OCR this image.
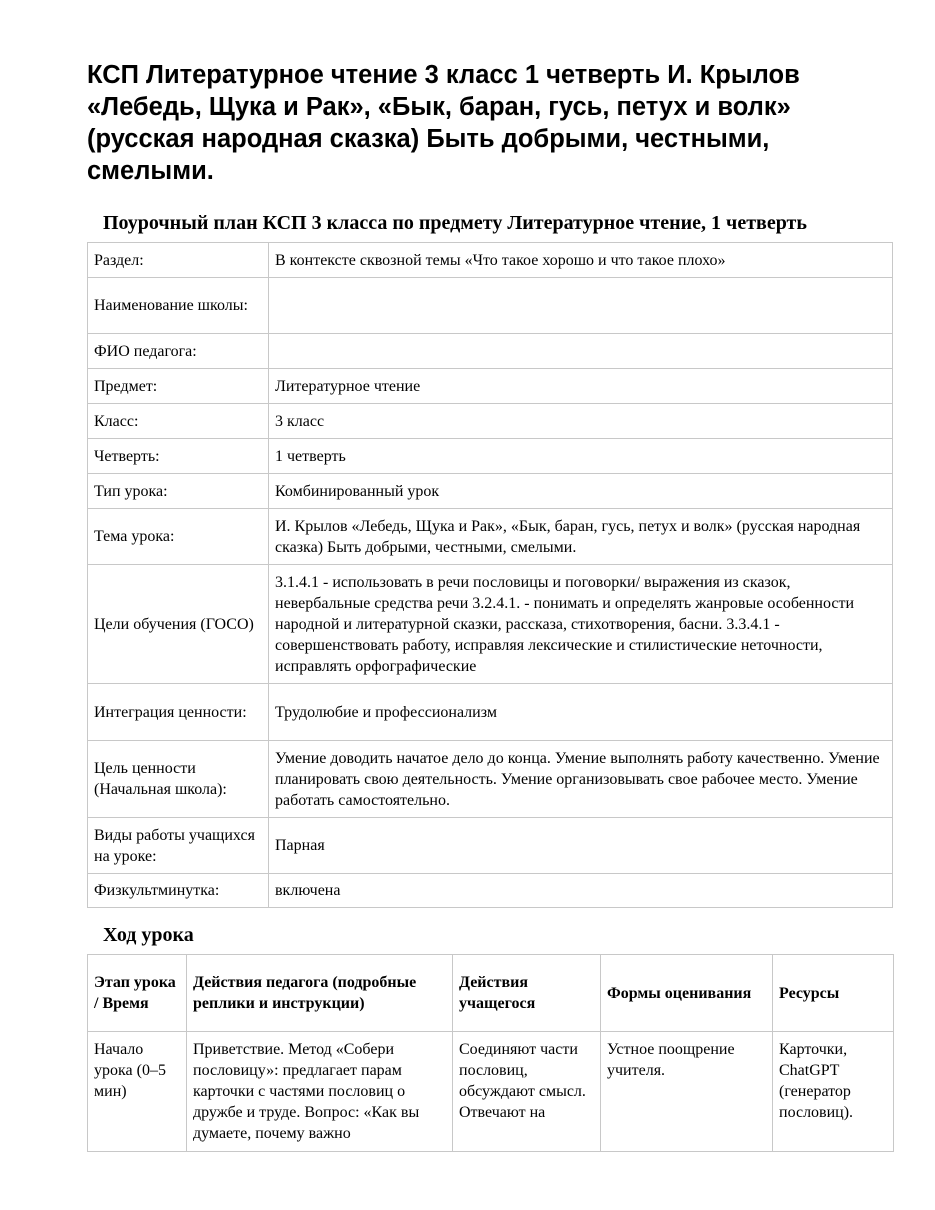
КСП Литературное чтение 3 класс 1 четверть И. Крылов «Лебедь, Щука и Рак», «Бык, баран, гусь, петух и волк» (русская народная сказка) Быть добрыми, честными, смелыми.
Поурочный план КСП 3 класса по предмету Литературное чтение, 1 четверть
Раздел:	В контексте сквозной темы «Что такое хорошо и что такое плохо»
Наименование школы:	
ФИО педагога:	
Предмет:	Литературное чтение
Класс:	3 класс
Четверть:	1 четверть
Тип урока:	Комбинированный урок
Тема урока:	И. Крылов «Лебедь, Щука и Рак», «Бык, баран, гусь, петух и волк» (русская народная сказка) Быть добрыми, честными, смелыми.
Цели обучения (ГОСО)	3.1.4.1 - использовать в речи пословицы и поговорки/ выражения из сказок, невербальные средства речи 3.2.4.1. - понимать и определять жанровые особенности народной и литературной сказки, рассказа, стихотворения, басни. 3.3.4.1 - совершенствовать работу, исправляя лексические и стилистические неточности, исправлять орфографические
Интеграция ценности:	Трудолюбие и профессионализм
Цель ценности (Начальная школа):	Умение доводить начатое дело до конца. Умение выполнять работу качественно. Умение планировать свою деятельность. Умение организовывать свое рабочее место. Умение работать самостоятельно.
Виды работы учащихся на уроке:	Парная
Физкультминутка:	включена
Ход урока
Этап урока / Время	Действия педагога (подробные реплики и инструкции)	Действия учащегося	Формы оценивания	Ресурсы

Начало урока (0–5 мин)	Приветствие. Метод «Собери пословицу»: предлагает парам карточки с частями пословиц о дружбе и труде. Вопрос: «Как вы думаете, почему важно	Соединяют части пословиц, обсуждают смысл. Отвечают на	Устное поощрение учителя.	Карточки, ChatGPT (генератор пословиц).
